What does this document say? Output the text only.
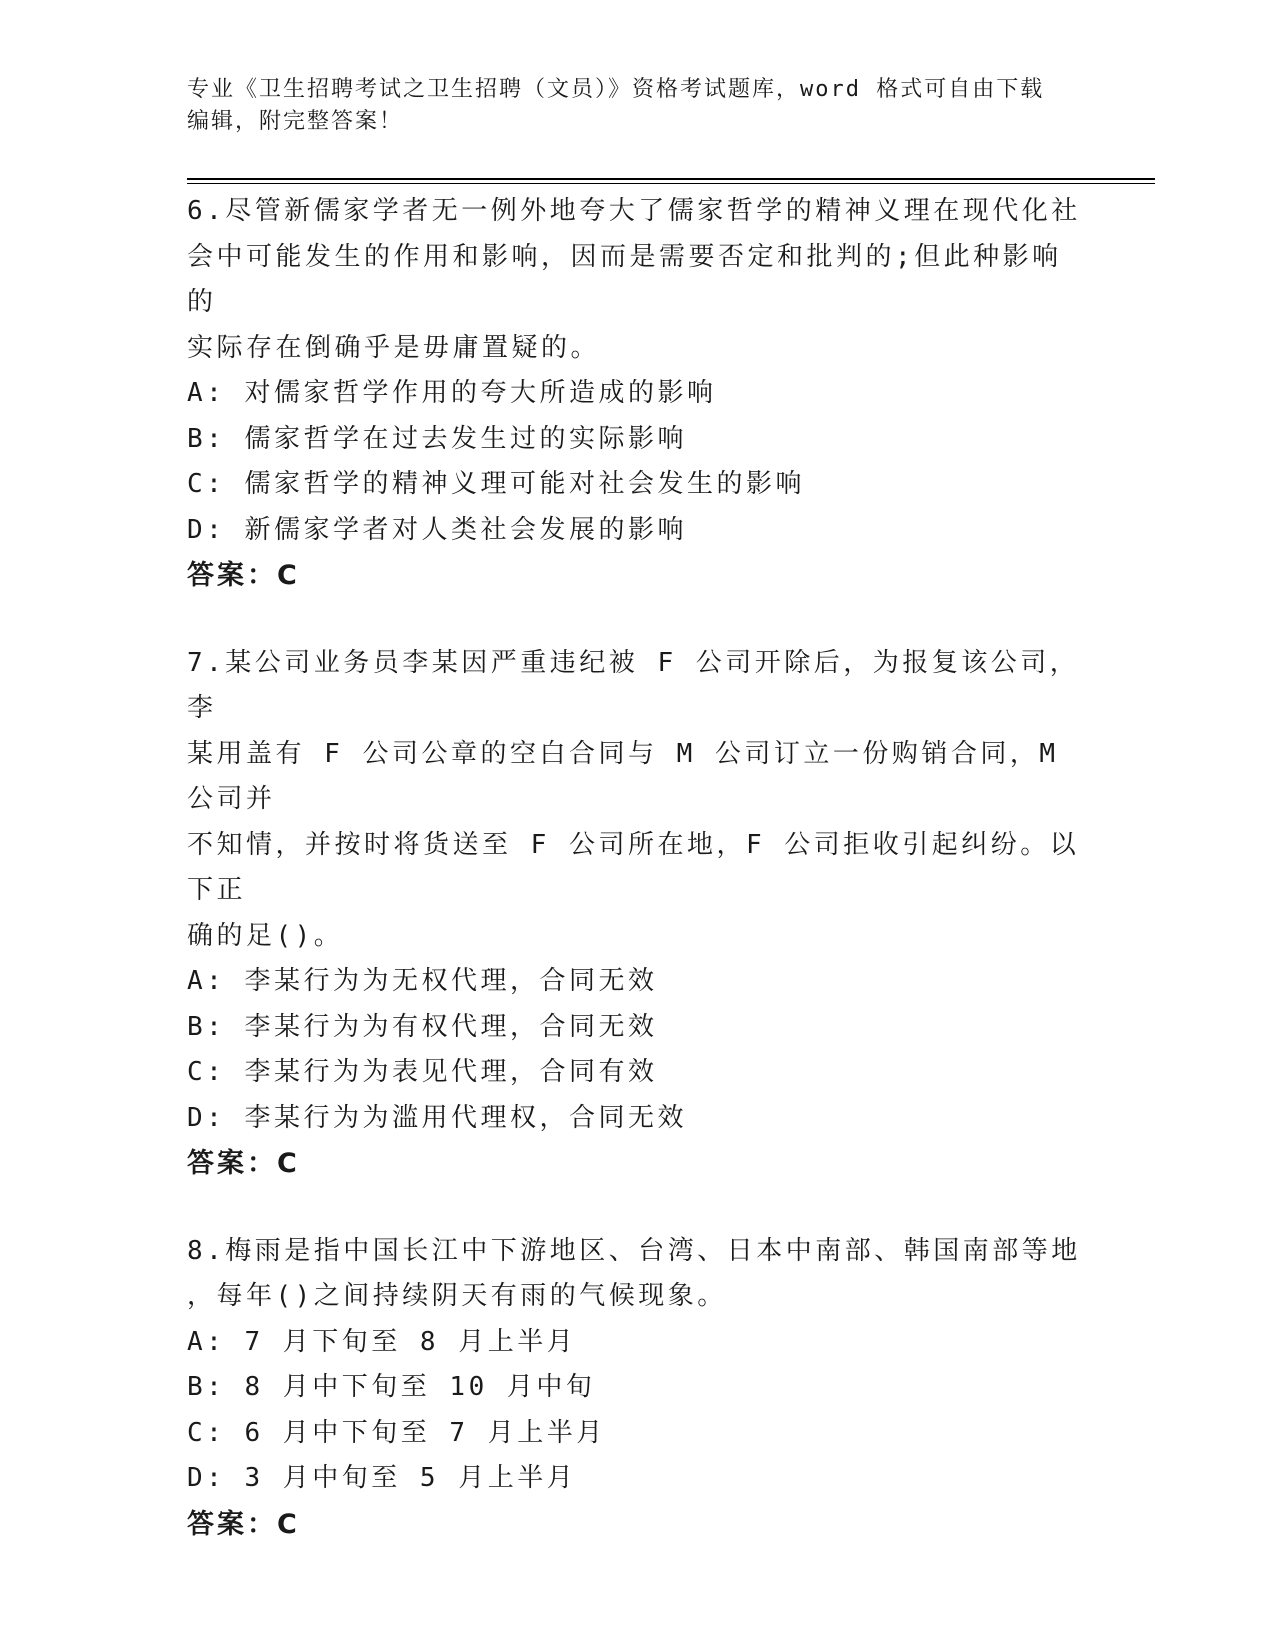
专业《卫生招聘考试之卫生招聘（文员）》资格考试题库，word 格式可自由下载
编辑，附完整答案！

6.尽管新儒家学者无一例外地夸大了儒家哲学的精神义理在现代化社
会中可能发生的作用和影响，因而是需要否定和批判的;但此种影响的
实际存在倒确乎是毋庸置疑的。

A: 对儒家哲学作用的夸大所造成的影响

B: 儒家哲学在过去发生过的实际影响

C: 儒家哲学的精神义理可能对社会发生的影响

D: 新儒家学者对人类社会发展的影响

答案：C

7.某公司业务员李某因严重违纪被 F 公司开除后，为报复该公司，李
某用盖有 F 公司公章的空白合同与 M 公司订立一份购销合同，M 公司并
不知情，并按时将货送至 F 公司所在地，F 公司拒收引起纠纷。以下正
确的足()。

A: 李某行为为无权代理，合同无效

B: 李某行为为有权代理，合同无效

C: 李某行为为表见代理，合同有效

D: 李某行为为滥用代理权，合同无效

答案：C

8.梅雨是指中国长江中下游地区、台湾、日本中南部、韩国南部等地
，每年()之间持续阴天有雨的气候现象。

A: 7 月下旬至 8 月上半月

B: 8 月中下旬至 10 月中旬

C: 6 月中下旬至 7 月上半月

D: 3 月中旬至 5 月上半月

答案：C
